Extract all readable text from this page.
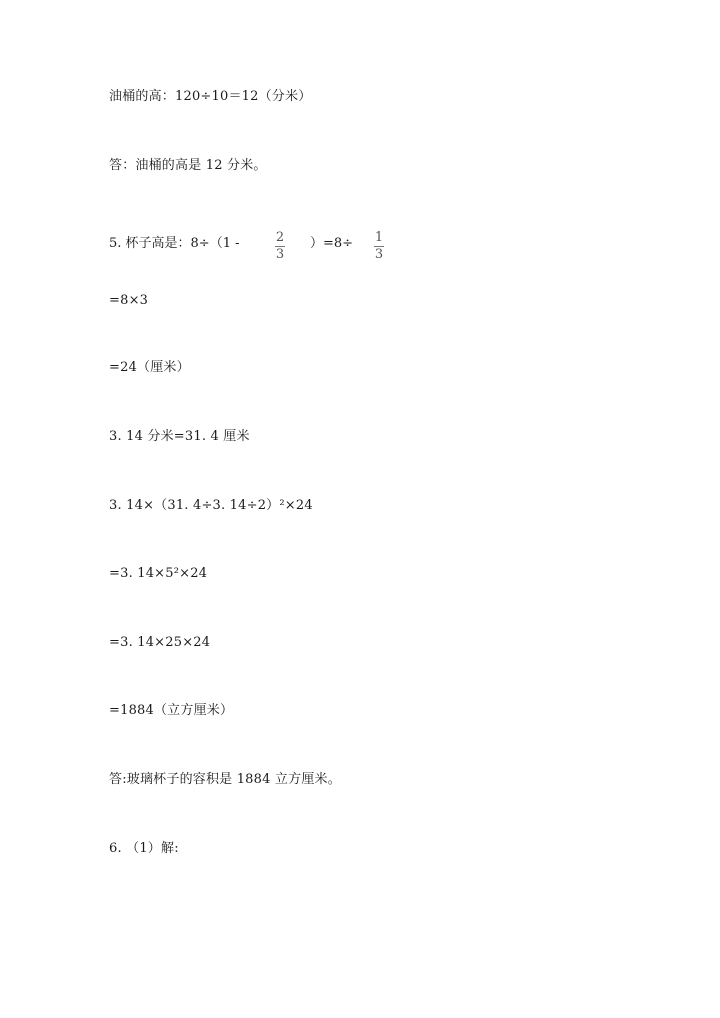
油桶的高：120÷10＝12（分米）
答：油桶的高是 12 分米。
5. 杯子高是：8÷（1 -	2
3
）=8÷ 1
3
=8×3
=24（厘米）
3. 14 分米=31. 4 厘米
3. 14×（31. 4÷3. 14÷2）²×24
=3. 14×5²×24
=3. 14×25×24
=1884（立方厘米）
答:玻璃杯子的容积是 1884 立方厘米。
6. （1）解:
